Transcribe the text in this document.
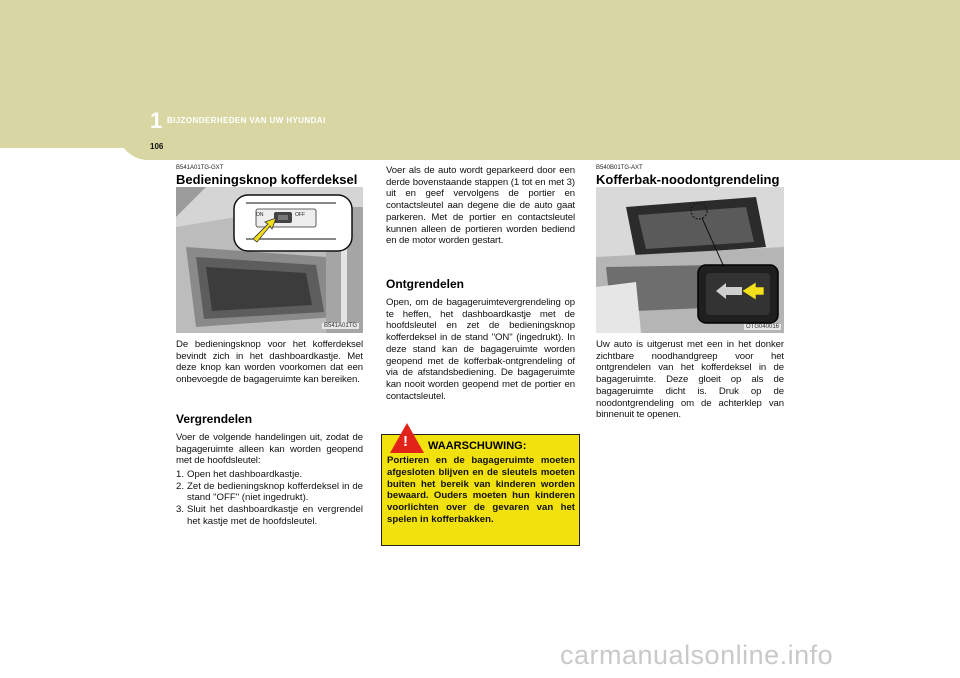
1 BIJZONDERHEDEN VAN UW HYUNDAI
106
B541A01TG-GXT
Bedieningsknop kofferdeksel
ON	OFF
B541A01TG
De bedieningsknop voor het kofferdeksel bevindt zich in het dashboardkastje. Met deze knop kan worden voorkomen dat een onbevoegde de bagageruimte kan bereiken.
Vergrendelen
Voer de volgende handelingen uit, zodat de bagageruimte alleen kan worden geopend met de hoofdsleutel:
1. Open het dashboardkastje.
2. Zet de bedieningsknop kofferdeksel in de stand "OFF" (niet ingedrukt).
3. Sluit het dashboardkastje en vergrendel het kastje met de hoofdsleutel.
Voer als de auto wordt geparkeerd door een derde bovenstaande stappen (1 tot en met 3) uit en geef vervolgens de portier en contactsleutel aan degene die de auto gaat parkeren. Met de portier en contactsleutel kunnen alleen de portieren worden bediend en de motor worden gestart.
Ontgrendelen
Open, om de bagageruimtevergrendeling op te heffen, het dashboardkastje met de hoofdsleutel en zet de bedieningsknop kofferdeksel in de stand "ON" (ingedrukt). In deze stand kan de bagageruimte worden geopend met de kofferbak-ontgrendeling of via de afstandsbediening. De bagageruimte kan nooit worden geopend met de portier en contactsleutel.
! WAARSCHUWING:
Portieren en de bagageruimte moeten afgesloten blijven en de sleutels moeten buiten het bereik van kinderen worden bewaard. Ouders moeten hun kinderen voorlichten over de gevaren van het spelen in kofferbakken.
B540B01TG-AXT
Kofferbak-noodontgrendeling
OTG040016
Uw auto is uitgerust met een in het donker zichtbare noodhandgreep voor het ontgrendelen van het kofferdeksel in de bagageruimte. Deze gloeit op als de bagageruimte dicht is. Druk op de noodontgrendeling om de achterklep van binnenuit te openen.
carmanualsonline.info
